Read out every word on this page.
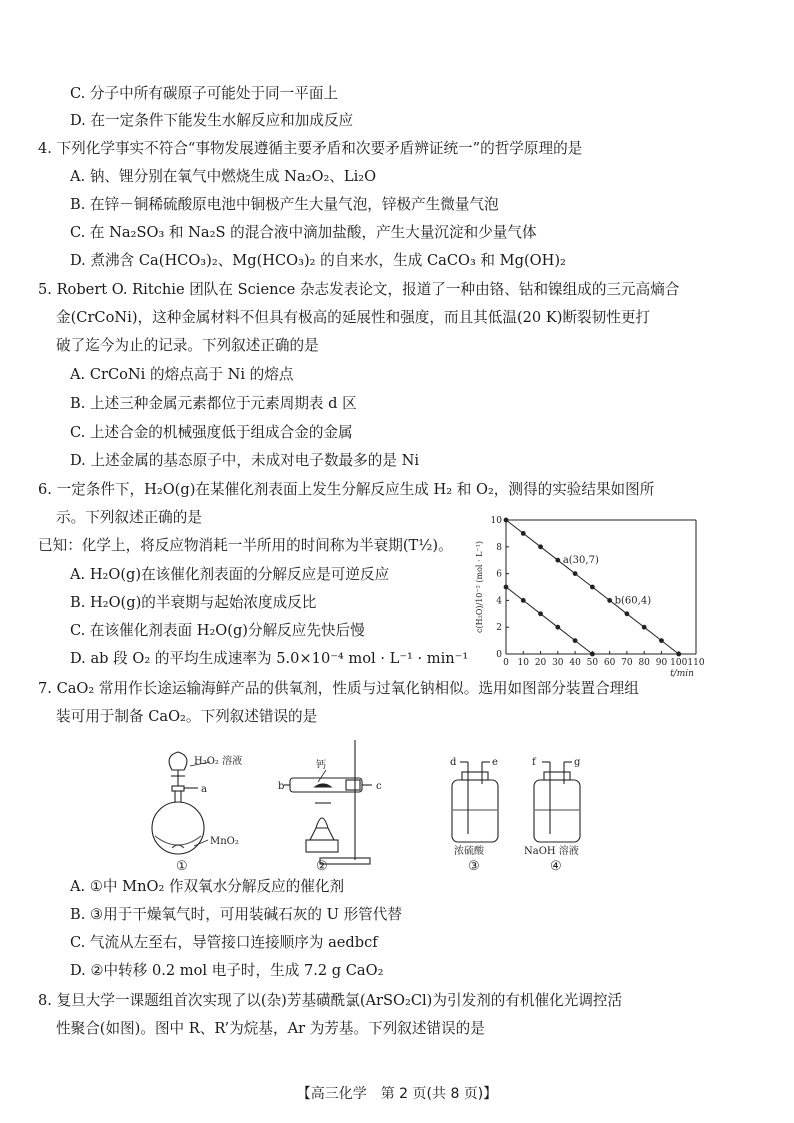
C. 分子中所有碳原子可能处于同一平面上
D. 在一定条件下能发生水解反应和加成反应
4. 下列化学事实不符合“事物发展遵循主要矛盾和次要矛盾辨证统一”的哲学原理的是
A. 钠、锂分别在氧气中燃烧生成 Na₂O₂、Li₂O
B. 在锌－铜稀硫酸原电池中铜极产生大量气泡，锌极产生微量气泡
C. 在 Na₂SO₃ 和 Na₂S 的混合液中滴加盐酸，产生大量沉淀和少量气体
D. 煮沸含 Ca(HCO₃)₂、Mg(HCO₃)₂ 的自来水，生成 CaCO₃ 和 Mg(OH)₂
5. Robert O. Ritchie 团队在 Science 杂志发表论文，报道了一种由铬、钴和镍组成的三元高熵合
金(CrCoNi)，这种金属材料不但具有极高的延展性和强度，而且其低温(20 K)断裂韧性更打
破了迄今为止的记录。下列叙述正确的是
A. CrCoNi 的熔点高于 Ni 的熔点
B. 上述三种金属元素都位于元素周期表 d 区
C. 上述合金的机械强度低于组成合金的金属
D. 上述金属的基态原子中，未成对电子数最多的是 Ni
6. 一定条件下，H₂O(g)在某催化剂表面上发生分解反应生成 H₂ 和 O₂，测得的实验结果如图所
示。下列叙述正确的是
已知：化学上，将反应物消耗一半所用的时间称为半衰期(T½)。
A. H₂O(g)在该催化剂表面的分解反应是可逆反应
B. H₂O(g)的半衰期与起始浓度成反比
C. 在该催化剂表面 H₂O(g)分解反应先快后慢
D. ab 段 O₂ 的平均生成速率为 5.0×10⁻⁴ mol · L⁻¹ · min⁻¹
7. CaO₂ 常用作长途运输海鲜产品的供氧剂，性质与过氧化钠相似。选用如图部分装置合理组
装可用于制备 CaO₂。下列叙述错误的是
A. ①中 MnO₂ 作双氧水分解反应的催化剂
B. ③用于干燥氧气时，可用装碱石灰的 U 形管代替
C. 气流从左至右，导管接口连接顺序为 aedbcf
D. ②中转移 0.2 mol 电子时，生成 7.2 g CaO₂
8. 复旦大学一课题组首次实现了以(杂)芳基磺酰氯(ArSO₂Cl)为引发剂的有机催化光调控活
性聚合(如图)。图中 R、R’为烷基，Ar 为芳基。下列叙述错误的是
0 10 20 30 40 50 60 70 80 90 100 110
0
2
4
6
8
10
a(30,7)
b(60,4)
t/min
c(H₂O)/10⁻² (mol · L⁻¹)
H₂O₂ 溶液
a
MnO₂
①
钙
b	c
②
d	e
浓硫酸
③
f	g
NaOH 溶液
④
【高三化学　第 2 页(共 8 页)】
